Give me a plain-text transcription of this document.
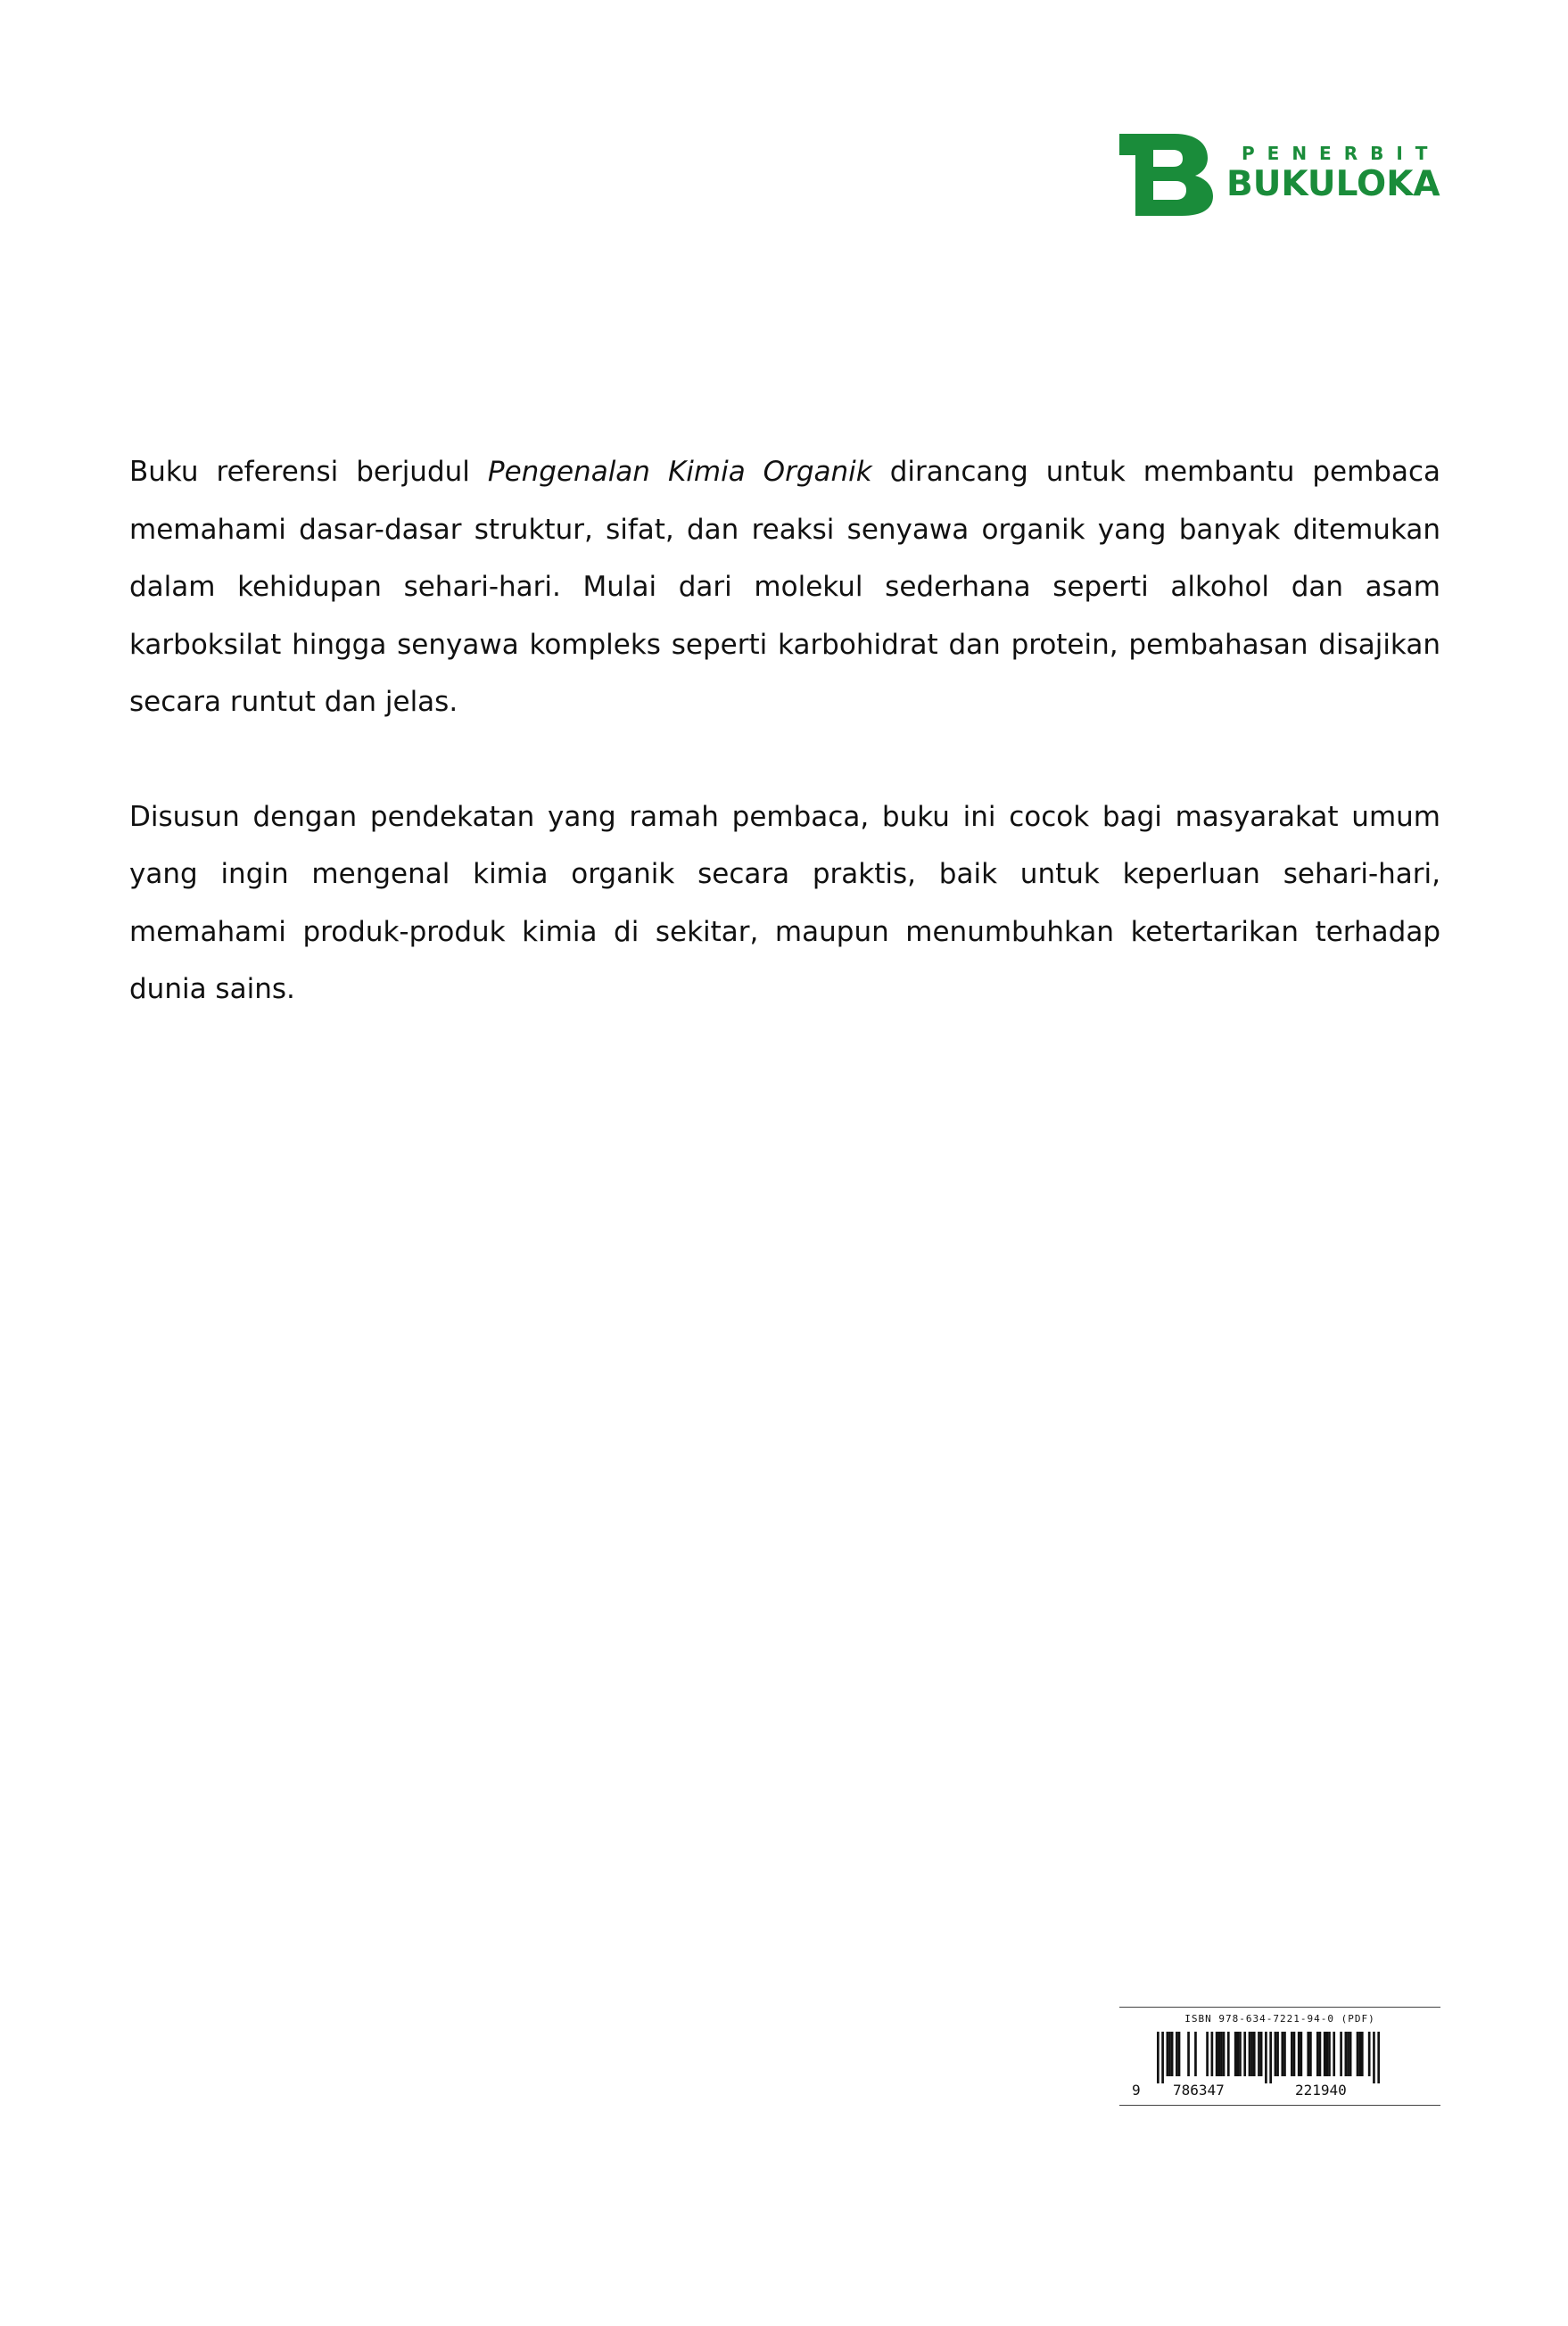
PENERBIT
BUKULOKA

Buku referensi berjudul Pengenalan Kimia Organik dirancang untuk membantu pembaca memahami dasar-dasar struktur, sifat, dan reaksi senyawa organik yang banyak ditemukan dalam kehidupan sehari-hari. Mulai dari molekul sederhana seperti alkohol dan asam karboksilat hingga senyawa kompleks seperti karbohidrat dan protein, pembahasan disajikan secara runtut dan jelas.

Disusun dengan pendekatan yang ramah pembaca, buku ini cocok bagi masyarakat umum yang ingin mengenal kimia organik secara praktis, baik untuk keperluan sehari-hari, memahami produk-produk kimia di sekitar, maupun menumbuhkan ketertarikan terhadap dunia sains.

ISBN 978-634-7221-94-0 (PDF)
9 786347	221940
